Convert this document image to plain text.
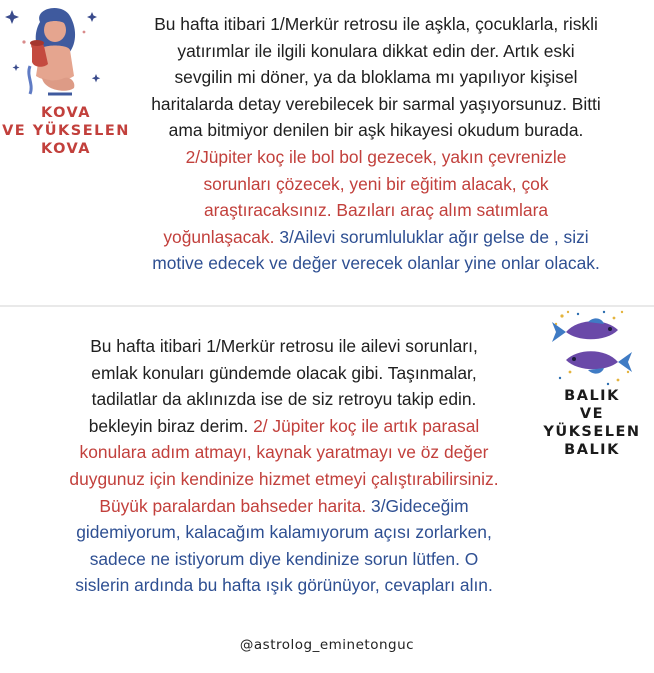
KOVA
VE YÜKSELEN
KOVA
Bu hafta itibari 1/Merkür retrosu ile aşkla, çocuklarla, riskli
yatırımlar ile ilgili konulara dikkat edin der. Artık eski
sevgilin mi döner, ya da bloklama mı yapılıyor kişisel
haritalarda detay verebilecek bir sarmal yaşıyorsunuz. Bitti
ama bitmiyor denilen bir aşk hikayesi okudum burada.
2/Jüpiter koç ile bol bol gezecek, yakın çevrenizle
sorunları çözecek, yeni bir eğitim alacak, çok
araştıracaksınız. Bazıları araç alım satımlara
yoğunlaşacak. 3/Ailevi sorumluluklar ağır gelse de , sizi
motive edecek ve değer verecek olanlar yine onlar olacak.
BALIK
VE YÜKSELEN
BALIK
Bu hafta itibari 1/Merkür retrosu ile ailevi sorunları,
emlak konuları gündemde olacak gibi. Taşınmalar,
tadilatlar da aklınızda ise de siz retroyu takip edin.
bekleyin biraz derim. 2/ Jüpiter koç ile artık parasal
konulara adım atmayı, kaynak yaratmayı ve öz değer
duygunuz için kendinize hizmet etmeyi çalıştırabilirsiniz.
Büyük paralardan bahseder harita. 3/Gideceğim
gidemiyorum, kalacağım kalamıyorum açısı zorlarken,
sadece ne istiyorum diye kendinize sorun lütfen. O
sislerin ardında bu hafta ışık görünüyor, cevapları alın.
@astrolog_eminetonguc
